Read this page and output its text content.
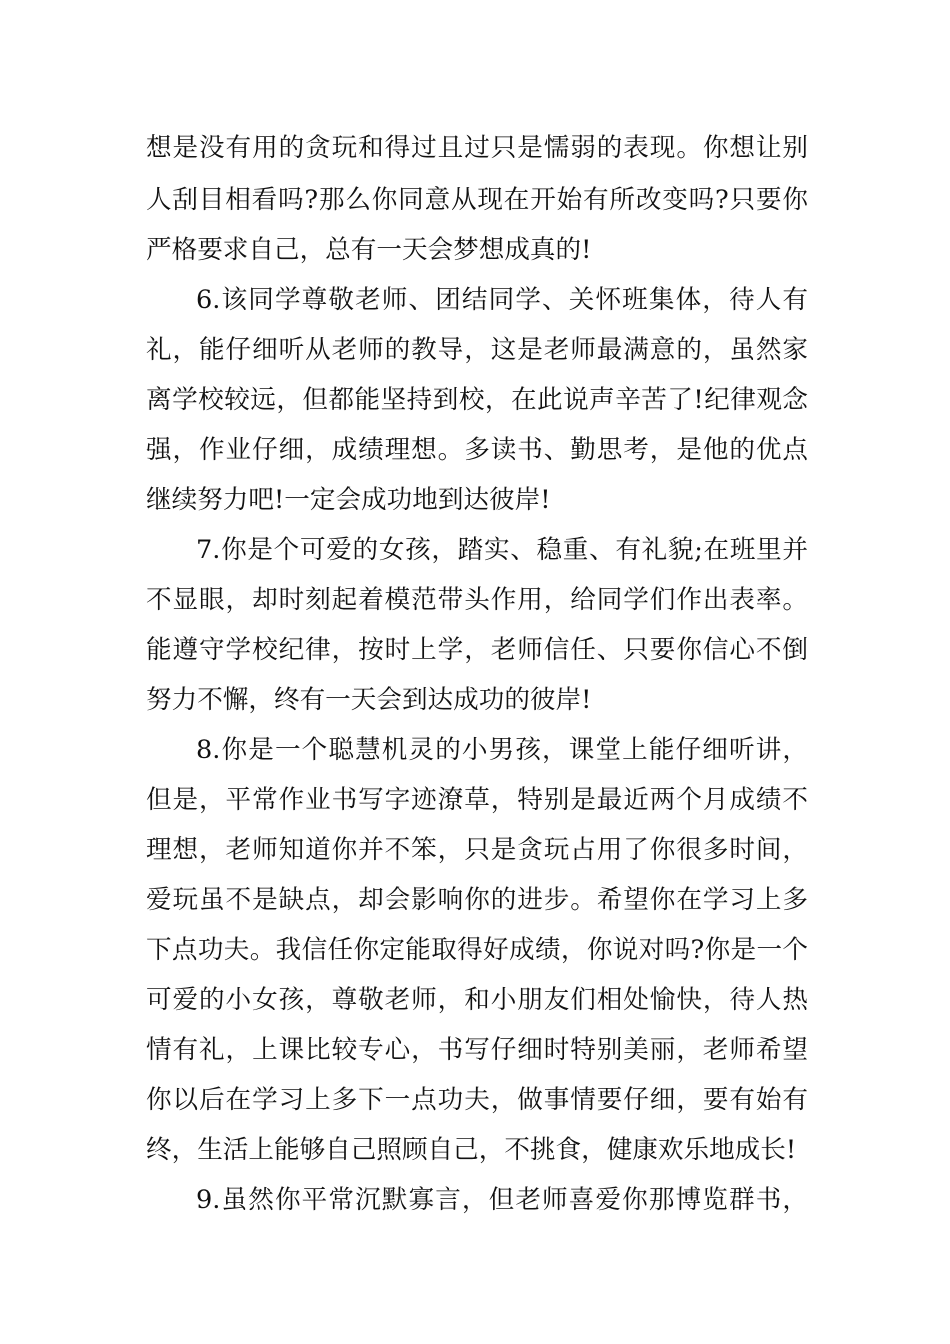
想是没有用的贪玩和得过且过只是懦弱的表现。你想让别
人刮目相看吗?那么你同意从现在开始有所改变吗?只要你
严格要求自己，总有一天会梦想成真的!
6.该同学尊敬老师、团结同学、关怀班集体，待人有
礼，能仔细听从老师的教导，这是老师最满意的，虽然家
离学校较远，但都能坚持到校，在此说声辛苦了!纪律观念
强，作业仔细，成绩理想。多读书、勤思考，是他的优点
继续努力吧!一定会成功地到达彼岸!
7.你是个可爱的女孩，踏实、稳重、有礼貌;在班里并
不显眼，却时刻起着模范带头作用，给同学们作出表率。
能遵守学校纪律，按时上学，老师信任、只要你信心不倒
努力不懈，终有一天会到达成功的彼岸!
8.你是一个聪慧机灵的小男孩，课堂上能仔细听讲，
但是，平常作业书写字迹潦草，特别是最近两个月成绩不
理想，老师知道你并不笨，只是贪玩占用了你很多时间，
爱玩虽不是缺点，却会影响你的进步。希望你在学习上多
下点功夫。我信任你定能取得好成绩，你说对吗?你是一个
可爱的小女孩，尊敬老师，和小朋友们相处愉快，待人热
情有礼，上课比较专心，书写仔细时特别美丽，老师希望
你以后在学习上多下一点功夫，做事情要仔细，要有始有
终，生活上能够自己照顾自己，不挑食，健康欢乐地成长!
9.虽然你平常沉默寡言，但老师喜爱你那博览群书，
